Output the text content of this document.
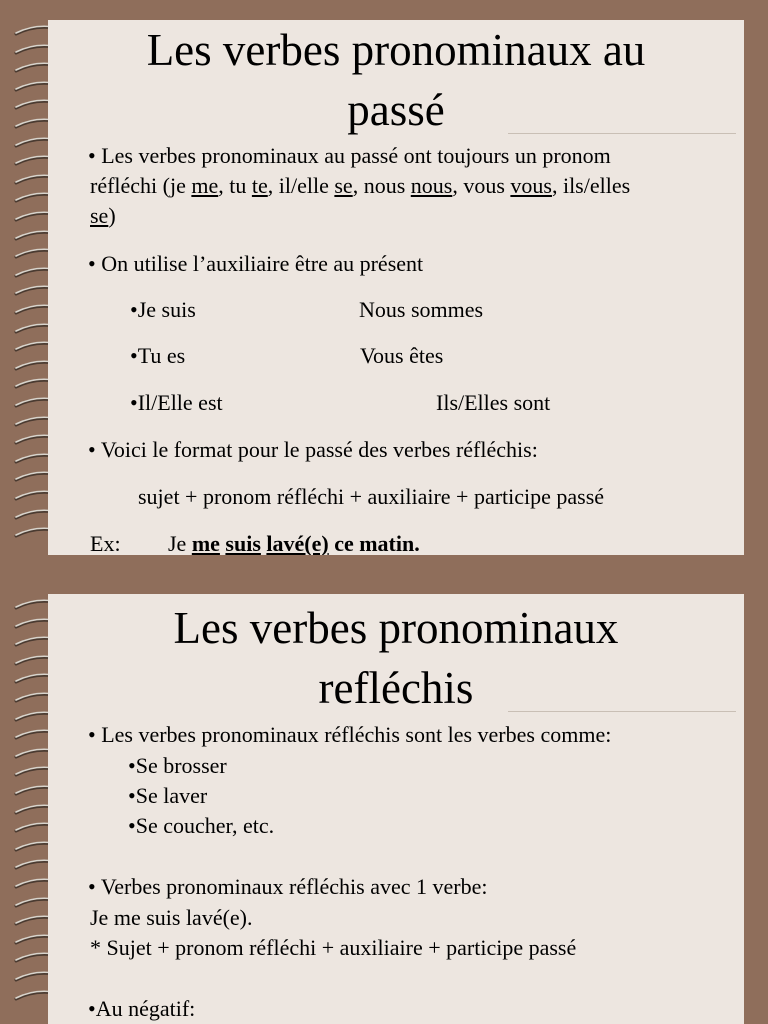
Les verbes pronominaux au
passé
• Les verbes pronominaux au passé ont toujours un pronom
réfléchi (je me, tu te, il/elle se, nous nous, vous vous, ils/elles
se)
• On utilise l’auxiliaire être au présent
•Je suis	Nous sommes
•Tu es	Vous êtes
•Il/Elle est	Ils/Elles sont
• Voici le format pour le passé des verbes réfléchis:
sujet + pronom réfléchi + auxiliaire + participe passé
Ex: Je me suis lavé(e) ce matin.
Les verbes pronominaux
refléchis
• Les verbes pronominaux réfléchis sont les verbes comme:
•Se brosser
•Se laver
•Se coucher, etc.
• Verbes pronominaux réfléchis avec 1 verbe:
Je me suis lavé(e).
* Sujet + pronom réfléchi + auxiliaire + participe passé
•Au négatif:
